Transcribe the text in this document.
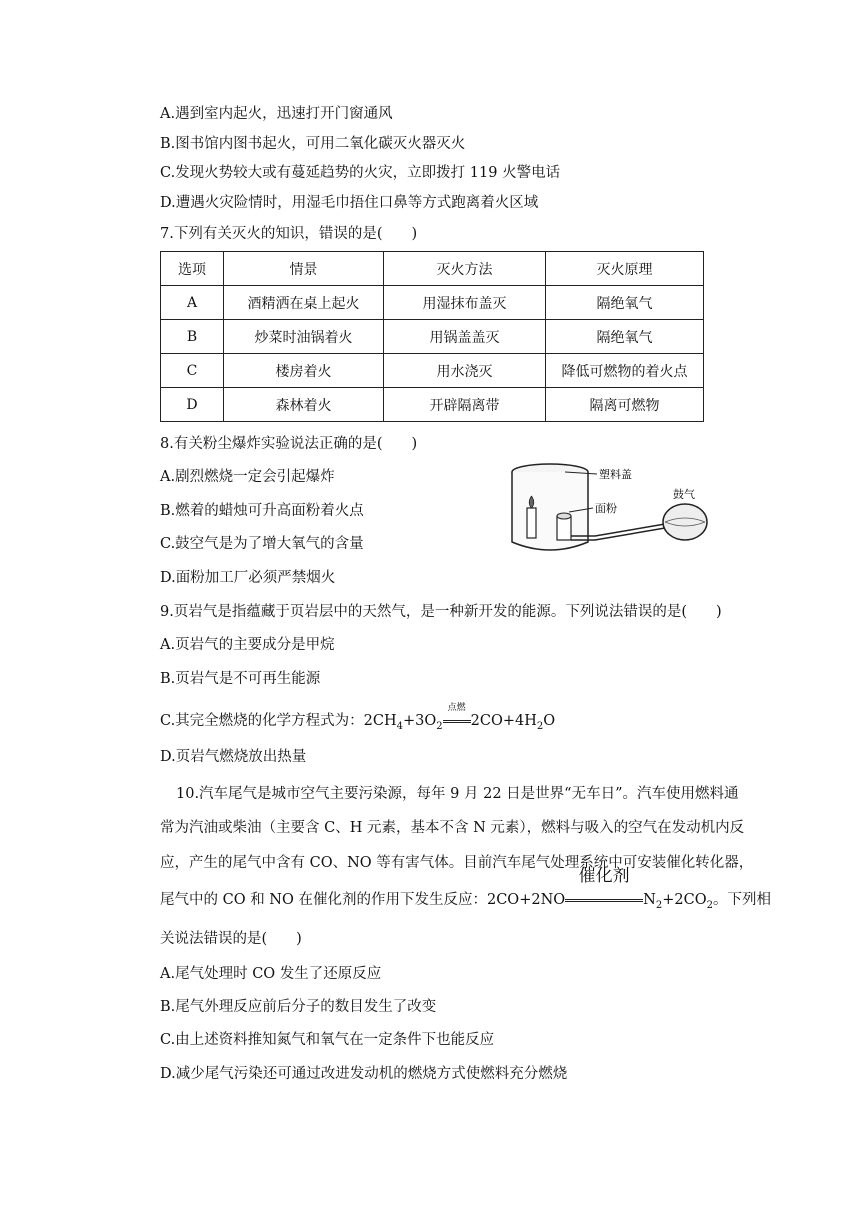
A.遇到室内起火，迅速打开门窗通风
B.图书馆内图书起火，可用二氧化碳灭火器灭火
C.发现火势较大或有蔓延趋势的火灾，立即拨打 119 火警电话
D.遭遇火灾险情时，用湿毛巾捂住口鼻等方式跑离着火区域
7.下列有关灭火的知识，错误的是(　　)
选项	情景	灭火方法	灭火原理
A	酒精洒在桌上起火	用湿抹布盖灭	隔绝氧气
B	炒菜时油锅着火	用锅盖盖灭	隔绝氧气
C	楼房着火	用水浇灭	降低可燃物的着火点
D	森林着火	开辟隔离带	隔离可燃物
8.有关粉尘爆炸实验说法正确的是(　　)
A.剧烈燃烧一定会引起爆炸
B.燃着的蜡烛可升高面粉着火点
C.鼓空气是为了增大氧气的含量
D.面粉加工厂必须严禁烟火
塑料盖
面粉
鼓气
9.页岩气是指蕴藏于页岩层中的天然气，是一种新开发的能源。下列说法错误的是(　　)
A.页岩气的主要成分是甲烷
B.页岩气是不可再生能源
C.其完全燃烧的化学方程式为：$2CH_4+3O_2$
点燃
$2CO+4H_2O$
D.页岩气燃烧放出热量
10.汽车尾气是城市空气主要污染源，每年 9 月 22 日是世界“无车日”。汽车使用燃料通
常为汽油或柴油（主要含 C、H 元素，基本不含 N 元素），燃料与吸入的空气在发动机内反
应，产生的尾气中含有 CO、NO 等有害气体。目前汽车尾气处理系统中可安装催化转化器，
尾气中的 CO 和 NO 在催化剂的作用下发生反应：2CO+2NO
催化剂
$N_2+2CO_2$。下列相
关说法错误的是(　　)
A.尾气处理时 CO 发生了还原反应
B.尾气外理反应前后分子的数目发生了改变
C.由上述资料推知氮气和氧气在一定条件下也能反应
D.减少尾气污染还可通过改进发动机的燃烧方式使燃料充分燃烧
